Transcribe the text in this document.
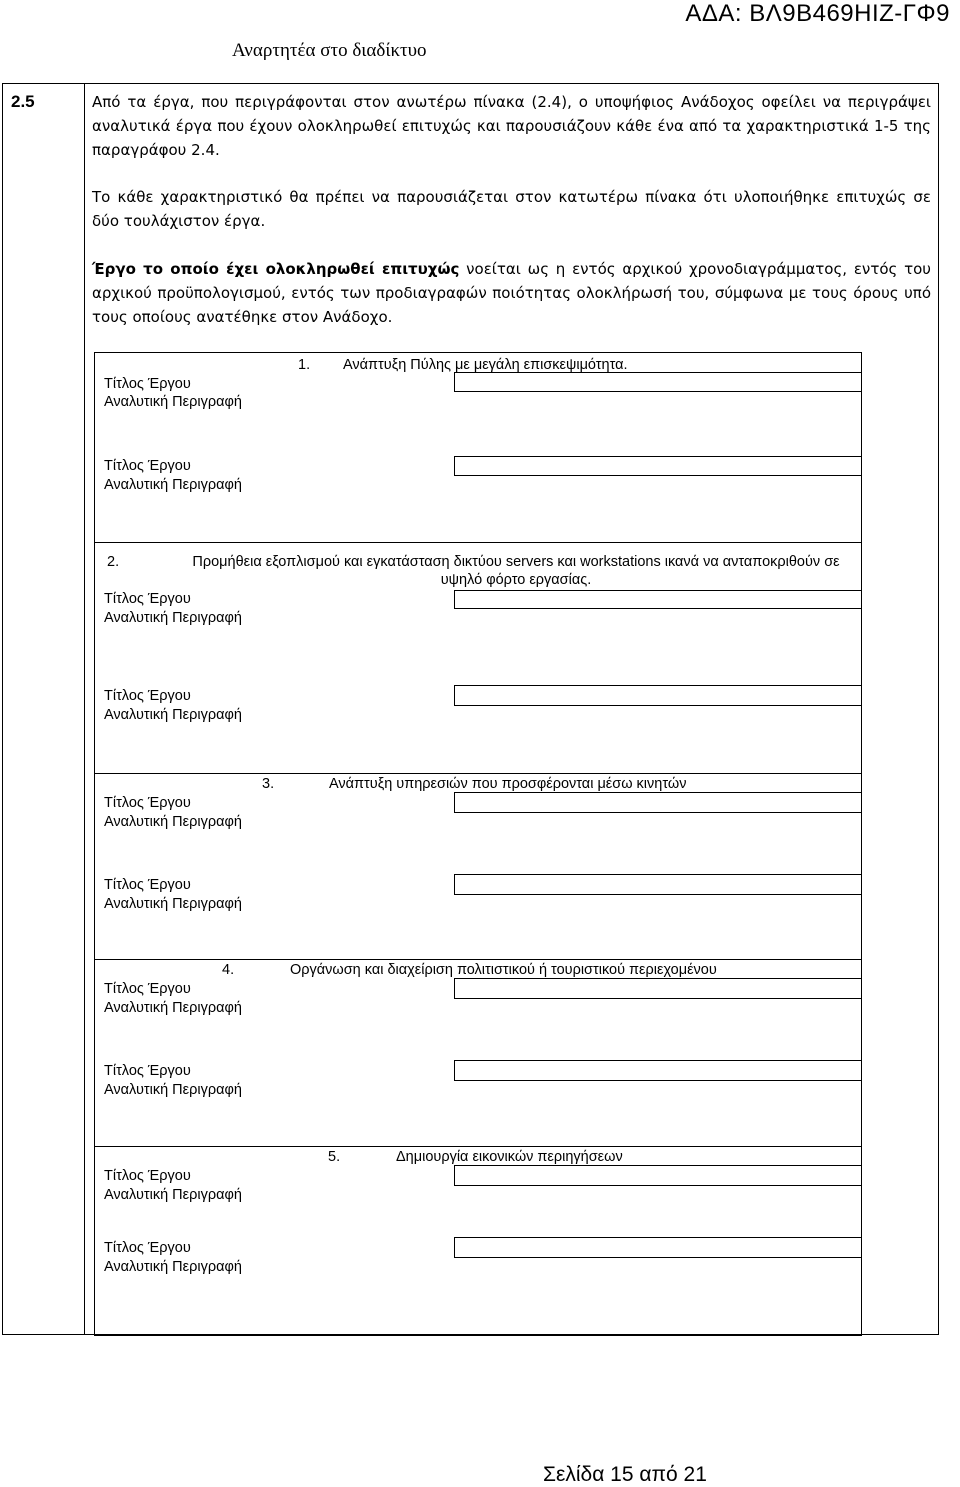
ΑΔΑ: ΒΛ9Β469ΗΙΖ-ΓΦ9
Αναρτητέα στο διαδίκτυο
2.5	Από τα έργα, που περιγράφονται στον ανωτέρω πίνακα (2.4), ο υποψήφιος Ανάδοχος οφείλει να περιγράψει αναλυτικά έργα που έχουν ολοκληρωθεί επιτυχώς και παρουσιάζουν κάθε ένα από τα χαρακτηριστικά 1-5 της παραγράφου 2.4.
Το κάθε χαρακτηριστικό θα πρέπει να παρουσιάζεται στον κατωτέρω πίνακα ότι υλοποιήθηκε επιτυχώς σε δύο τουλάχιστον έργα.
Έργο το οποίο έχει ολοκληρωθεί επιτυχώς νοείται ως η εντός αρχικού χρονοδιαγράμματος, εντός του αρχικού προϋπολογισμού, εντός των προδιαγραφών ποιότητας ολοκλήρωσή του, σύμφωνα με τους όρους υπό τους οποίους ανατέθηκε στον Ανάδοχο.
1. Ανάπτυξη Πύλης με μεγάλη επισκεψιμότητα.
Τίτλος Έργου
Αναλυτική Περιγραφή
Τίτλος Έργου
Αναλυτική Περιγραφή
2.	Προμήθεια εξοπλισμού και εγκατάσταση δικτύου servers και workstations ικανά να ανταποκριθούν σε υψηλό φόρτο εργασίας.
Τίτλος Έργου
Αναλυτική Περιγραφή
Τίτλος Έργου
Αναλυτική Περιγραφή
3.	Ανάπτυξη υπηρεσιών που προσφέρονται μέσω κινητών
Τίτλος Έργου
Αναλυτική Περιγραφή
Τίτλος Έργου
Αναλυτική Περιγραφή
4.	Οργάνωση και διαχείριση πολιτιστικού ή τουριστικού περιεχομένου
Τίτλος Έργου
Αναλυτική Περιγραφή
Τίτλος Έργου
Αναλυτική Περιγραφή
5.	Δημιουργία εικονικών περιηγήσεων
Τίτλος Έργου
Αναλυτική Περιγραφή
Τίτλος Έργου
Αναλυτική Περιγραφή
Σελίδα 15 από 21
